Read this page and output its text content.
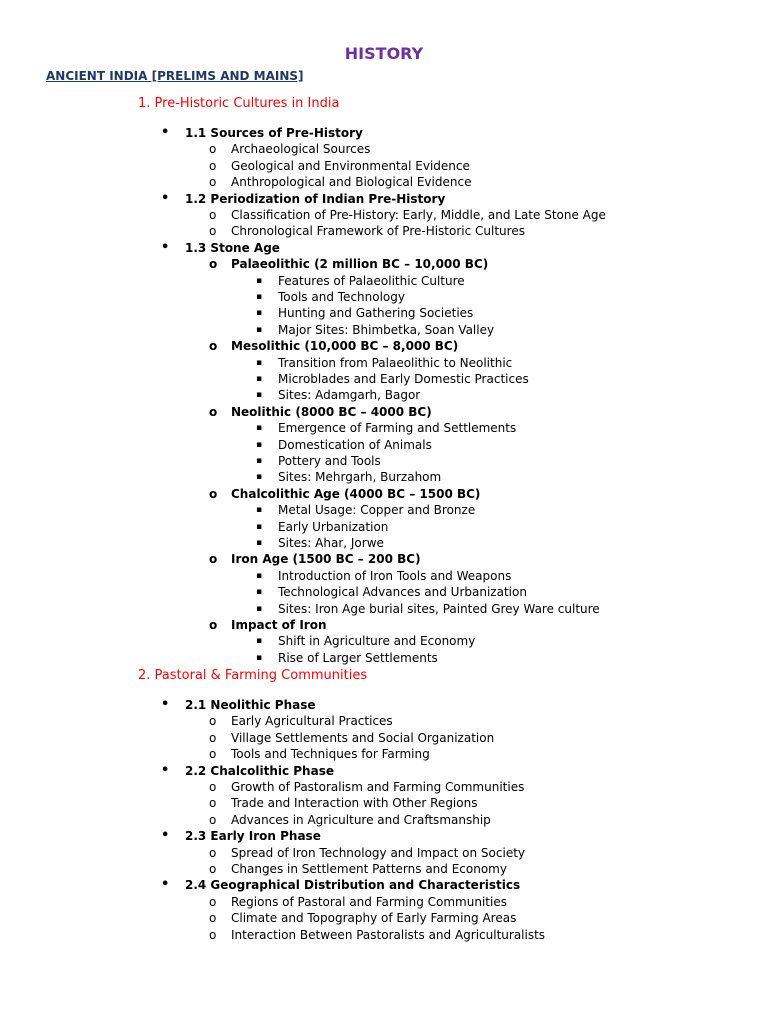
HISTORY
ANCIENT INDIA [PRELIMS AND MAINS]
1. Pre-Historic Cultures in India
• 1.1 Sources of Pre-History
o Archaeological Sources
o Geological and Environmental Evidence
o Anthropological and Biological Evidence
• 1.2 Periodization of Indian Pre-History
o Classification of Pre-History: Early, Middle, and Late Stone Age
o Chronological Framework of Pre-Historic Cultures
• 1.3 Stone Age
o Palaeolithic (2 million BC – 10,000 BC)
▪ Features of Palaeolithic Culture
▪ Tools and Technology
▪ Hunting and Gathering Societies
▪ Major Sites: Bhimbetka, Soan Valley
o Mesolithic (10,000 BC – 8,000 BC)
▪ Transition from Palaeolithic to Neolithic
▪ Microblades and Early Domestic Practices
▪ Sites: Adamgarh, Bagor
o Neolithic (8000 BC – 4000 BC)
▪ Emergence of Farming and Settlements
▪ Domestication of Animals
▪ Pottery and Tools
▪ Sites: Mehrgarh, Burzahom
o Chalcolithic Age (4000 BC – 1500 BC)
▪ Metal Usage: Copper and Bronze
▪ Early Urbanization
▪ Sites: Ahar, Jorwe
o Iron Age (1500 BC – 200 BC)
▪ Introduction of Iron Tools and Weapons
▪ Technological Advances and Urbanization
▪ Sites: Iron Age burial sites, Painted Grey Ware culture
o Impact of Iron
▪ Shift in Agriculture and Economy
▪ Rise of Larger Settlements
2. Pastoral & Farming Communities
• 2.1 Neolithic Phase
o Early Agricultural Practices
o Village Settlements and Social Organization
o Tools and Techniques for Farming
• 2.2 Chalcolithic Phase
o Growth of Pastoralism and Farming Communities
o Trade and Interaction with Other Regions
o Advances in Agriculture and Craftsmanship
• 2.3 Early Iron Phase
o Spread of Iron Technology and Impact on Society
o Changes in Settlement Patterns and Economy
• 2.4 Geographical Distribution and Characteristics
o Regions of Pastoral and Farming Communities
o Climate and Topography of Early Farming Areas
o Interaction Between Pastoralists and Agriculturalists
